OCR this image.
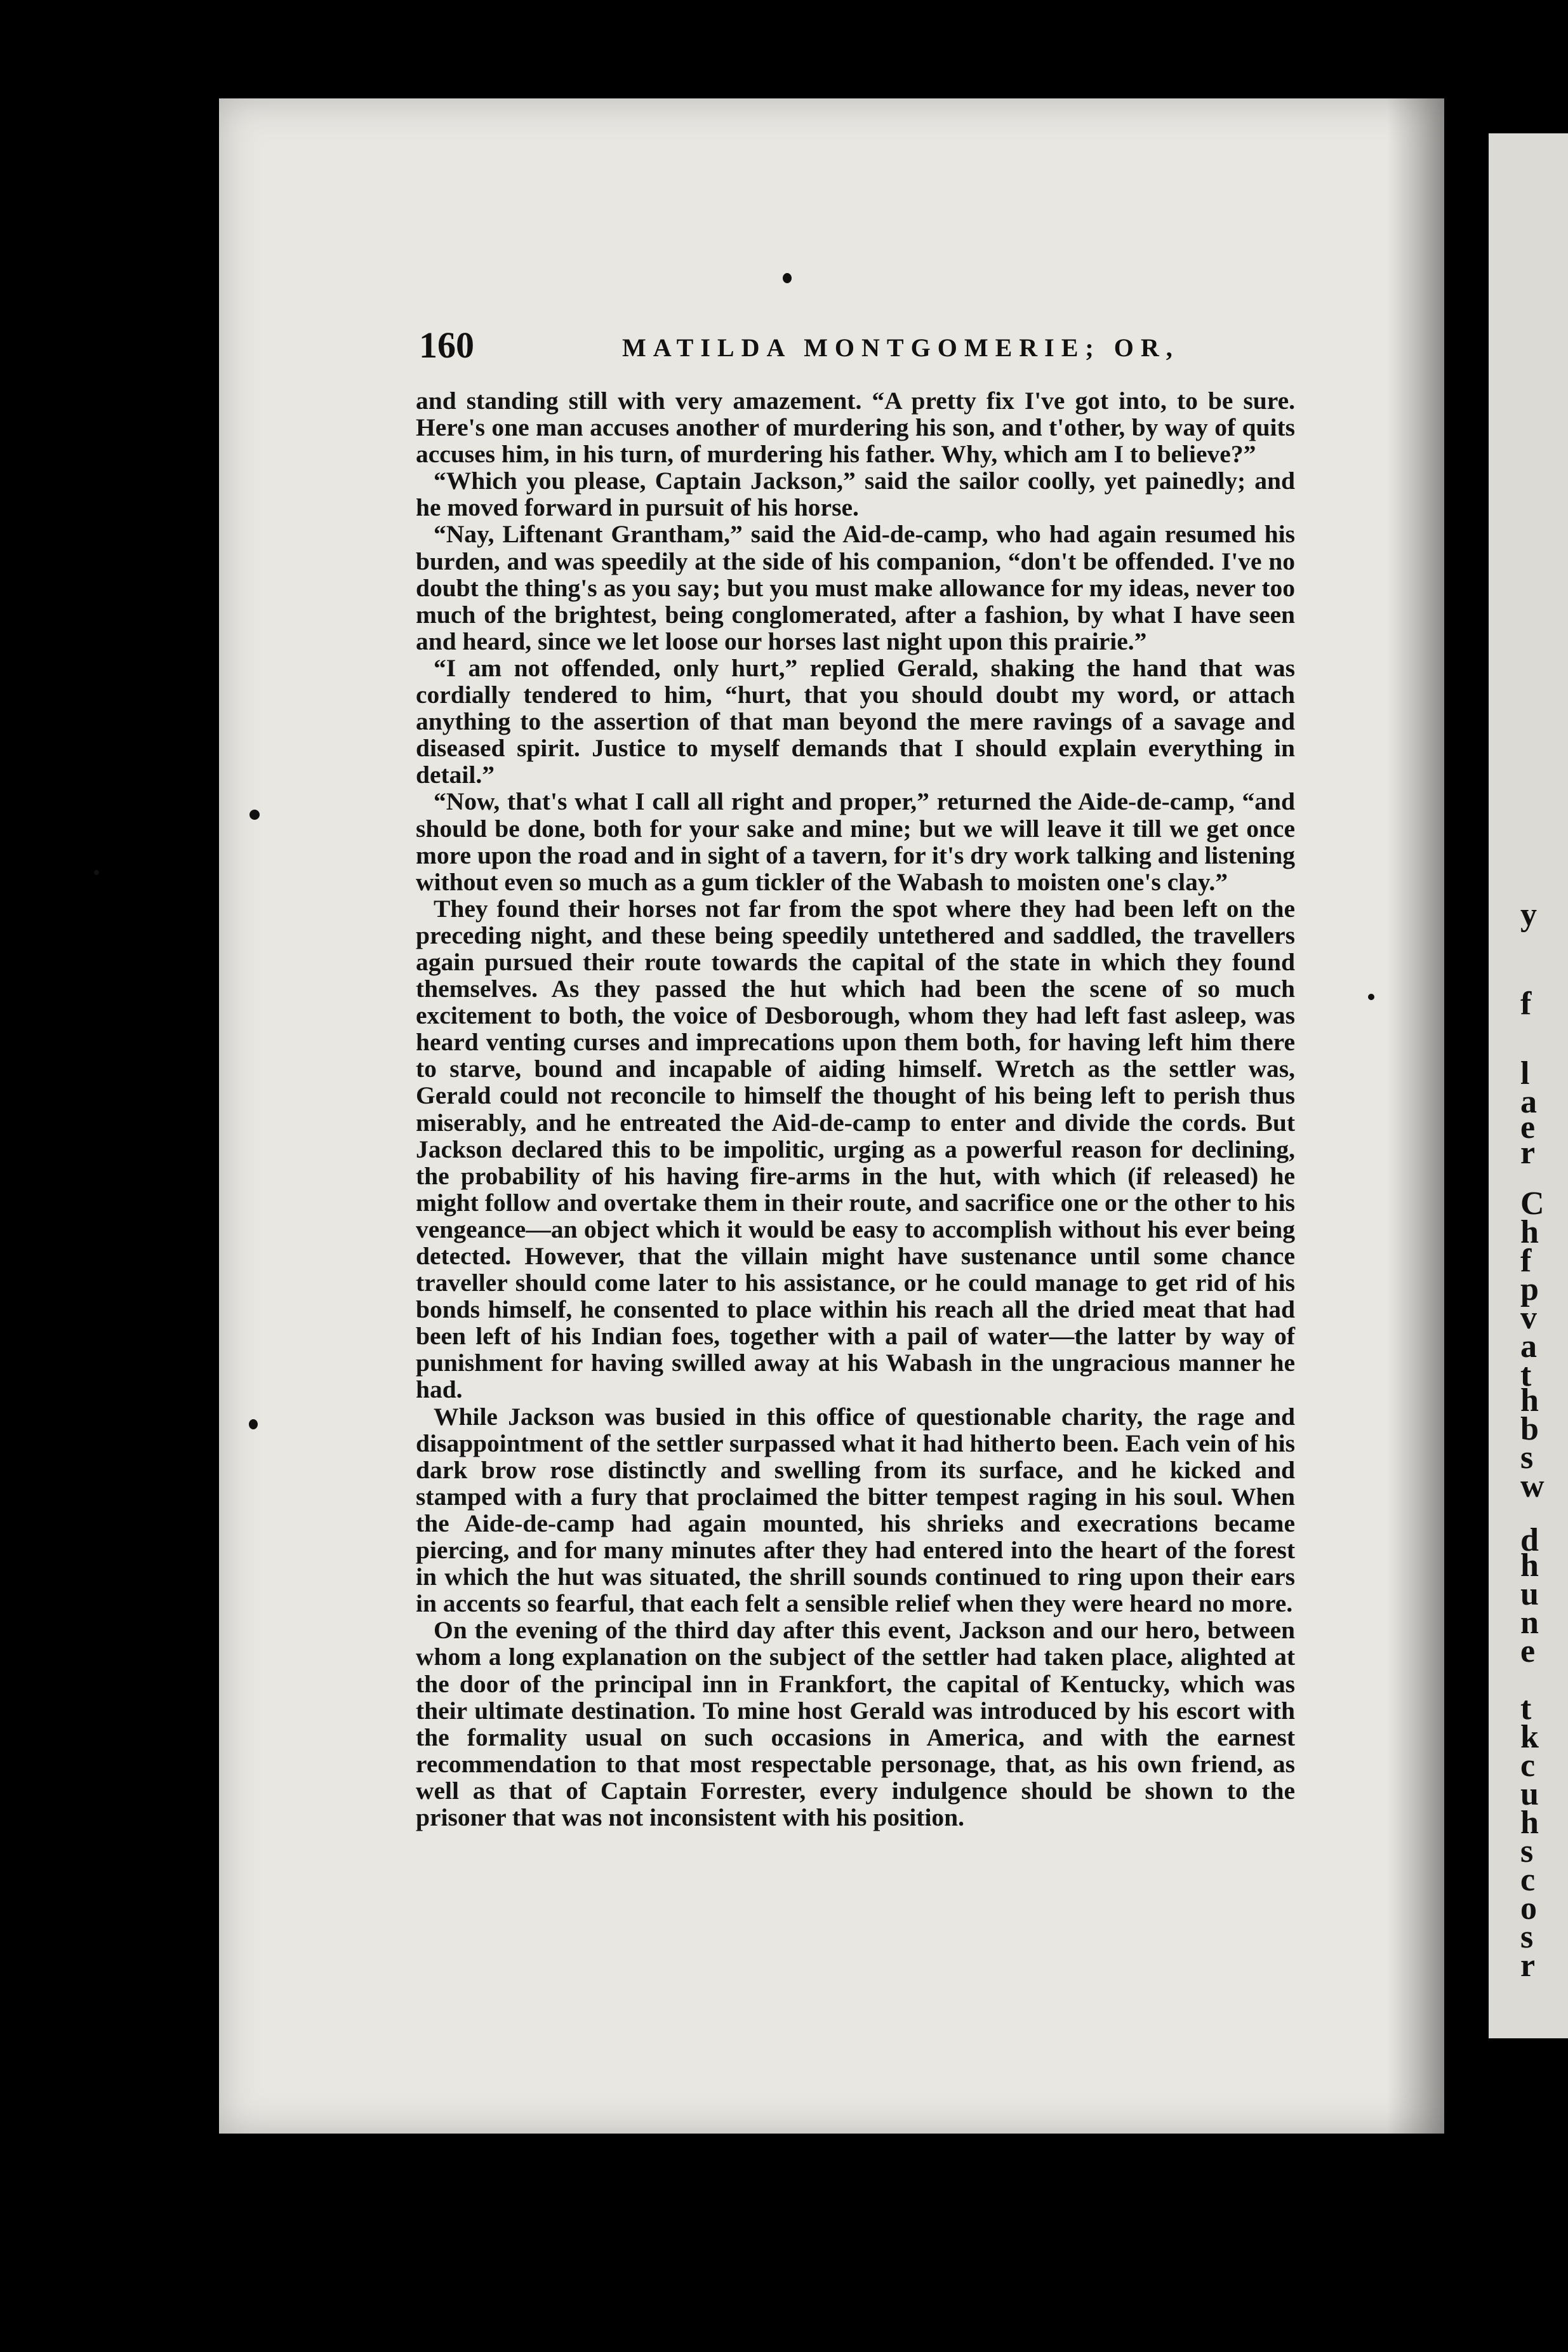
160	MATILDA MONTGOMERIE; OR,

and standing still with very amazement. “A pretty fix I've got into, to be sure. Here's one man accuses another of murdering his son, and t'other, by way of quits accuses him, in his turn, of murdering his father. Why, which am I to believe?”

“Which you please, Captain Jackson,” said the sailor coolly, yet painedly; and he moved forward in pursuit of his horse.

“Nay, Liftenant Grantham,” said the Aid-de-camp, who had again resumed his burden, and was speedily at the side of his companion, “don't be offended. I've no doubt the thing's as you say; but you must make allowance for my ideas, never too much of the brightest, being conglomerated, after a fashion, by what I have seen and heard, since we let loose our horses last night upon this prairie.”

“I am not offended, only hurt,” replied Gerald, shaking the hand that was cordially tendered to him, “hurt, that you should doubt my word, or attach anything to the assertion of that man beyond the mere ravings of a savage and diseased spirit. Justice to myself demands that I should explain everything in detail.”

“Now, that's what I call all right and proper,” returned the Aide-de-camp, “and should be done, both for your sake and mine; but we will leave it till we get once more upon the road and in sight of a tavern, for it's dry work talking and listening without even so much as a gum tickler of the Wabash to moisten one's clay.”

They found their horses not far from the spot where they had been left on the preceding night, and these being speedily untethered and saddled, the travellers again pursued their route towards the capital of the state in which they found themselves. As they passed the hut which had been the scene of so much excitement to both, the voice of Desborough, whom they had left fast asleep, was heard venting curses and imprecations upon them both, for having left him there to starve, bound and incapable of aiding himself. Wretch as the settler was, Gerald could not reconcile to himself the thought of his being left to perish thus miserably, and he entreated the Aid-de-camp to enter and divide the cords. But Jackson declared this to be impolitic, urging as a powerful reason for declining, the probability of his having fire-arms in the hut, with which (if released) he might follow and overtake them in their route, and sacrifice one or the other to his vengeance—an object which it would be easy to accomplish without his ever being detected. However, that the villain might have sustenance until some chance traveller should come later to his assistance, or he could manage to get rid of his bonds himself, he consented to place within his reach all the dried meat that had been left of his Indian foes, together with a pail of water—the latter by way of punishment for having swilled away at his Wabash in the ungracious manner he had.

While Jackson was busied in this office of questionable charity, the rage and disappointment of the settler surpassed what it had hitherto been. Each vein of his dark brow rose distinctly and swelling from its surface, and he kicked and stamped with a fury that proclaimed the bitter tempest raging in his soul. When the Aide-de-camp had again mounted, his shrieks and execrations became piercing, and for many minutes after they had entered into the heart of the forest in which the hut was situated, the shrill sounds continued to ring upon their ears in accents so fearful, that each felt a sensible relief when they were heard no more.

On the evening of the third day after this event, Jackson and our hero, between whom a long explanation on the subject of the settler had taken place, alighted at the door of the principal inn in Frankfort, the capital of Kentucky, which was their ultimate destination. To mine host Gerald was introduced by his escort with the formality usual on such occasions in America, and with the earnest recommendation to that most respectable personage, that, as his own friend, as well as that of Captain Forrester, every indulgence should be shown to the prisoner that was not inconsistent with his position.

y
f
l
a
e
r
C
h
f
p
v
a
t
h
b
s
w
d
h
u
n
e
t
k
c
u
h
s
c
o
s
r
